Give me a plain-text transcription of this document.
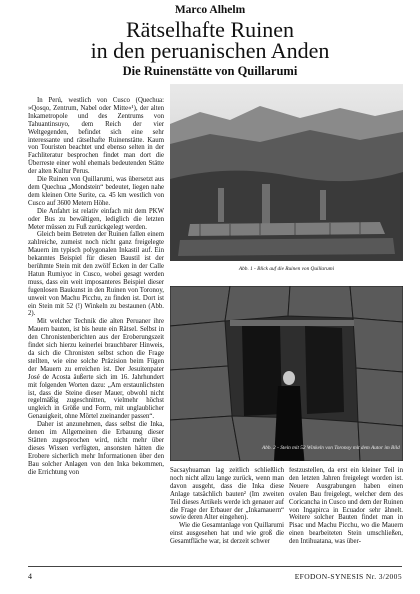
Marco Alhelm
Rätselhafte Ruinen
in den peruanischen Anden
Die Ruinenstätte von Quillarumi

In Perú, westlich von Cusco (Quechua: »Qosqo, Zentrum, Nabel oder Mitte«¹), der alten Inkametropole und des Zentrums von Tahuantinsuyo, dem Reich der vier Weltgegenden, befindet sich eine sehr interessante und rätselhafte Ruinenstätte. Kaum von Touristen beachtet und ebenso selten in der Fachliteratur besprochen findet man dort die Überreste einer wohl ehemals bedeutenden Stätte der alten Kultur Perus.

Die Ruinen von Quillarumi, was übersetzt aus dem Quechua „Mondstein“ bedeutet, liegen nahe dem kleinen Orte Surite, ca. 45 km westlich von Cusco auf 3600 Metern Höhe.

Die Anfahrt ist relativ einfach mit dem PKW oder Bus zu bewältigen, lediglich die letzten Meter müssen zu Fuß zurückgelegt werden.

Gleich beim Betreten der Ruinen fallen einem zahlreiche, zumeist noch nicht ganz freigelegte Mauern im typisch polygonalen Inkastil auf. Ein bekanntes Beispiel für diesen Baustil ist der berühmte Stein mit den zwölf Ecken in der Calle Hatun Rumiyoc in Cusco, wobei gesagt werden muss, dass ein weit imposanteres Beispiel dieser fugenlosen Baukunst in den Ruinen von Toronoy, unweit von Machu Picchu, zu finden ist. Dort ist ein Stein mit 52 (!) Winkeln zu bestaunen (Abb. 2).

Mit welcher Technik die alten Peruaner ihre Mauern bauten, ist bis heute ein Rätsel. Selbst in den Chronistenberichten aus der Eroberungszeit findet sich hierzu keinerlei brauchbarer Hinweis, da sich die Chronisten selbst schon die Frage stellten, wie eine solche Präzision beim Fügen der Mauern zu erreichen ist. Der Jesuitenpater José de Acosta äußerte sich im 16. Jahrhundert mit folgenden Worten dazu: „Am erstaunlichsten ist, dass die Steine dieser Mauer, obwohl nicht regelmäßig zugeschnitten, vielmehr höchst ungleich in Größe und Form, mit unglaublicher Genauigkeit, ohne Mörtel zueinander passen“.

Daher ist anzunehmen, dass selbst die Inka, denen im Allgemeinen die Erbauung dieser Stätten zugesprochen wird, nicht mehr über dieses Wissen verfügten, ansonsten hätten die Erobere sicherlich mehr Informationen über den Bau solcher Anlagen von den Inka bekommen, die Errichtung von

Abb. 1 - Blick auf die Ruinen von Quillarumi
Abb. 2 - Stein mit 52 Winkeln von Toronoy mit dem Autor im Bild

Sacsayhuaman lag zeitlich schließlich noch nicht allzu lange zurück, wenn man davon ausgeht, dass die Inka diese Anlage tatsächlich bauten² (Im zweiten Teil dieses Artikels werde ich genauer auf die Frage der Erbauer der „Inkamauern“ sowie deren Alter eingehen).

Wie die Gesamtanlage von Quillarumi einst ausgesehen hat und wie groß die Gesamtfläche war, ist derzeit schwer

festzustellen, da erst ein kleiner Teil in den letzten Jahren freigelegt worden ist. Neuere Ausgrabungen haben einen ovalen Bau freigelegt, welcher dem des Coricancha in Cusco und dem der Ruinen von Ingapirca in Ecuador sehr ähnelt. Weitere solcher Bauten findet man in Pisac und Machu Picchu, wo die Mauern einen bearbeiteten Stein umschließen, den Intihuatana, was über-

4	EFODON-SYNESIS Nr. 3/2005
